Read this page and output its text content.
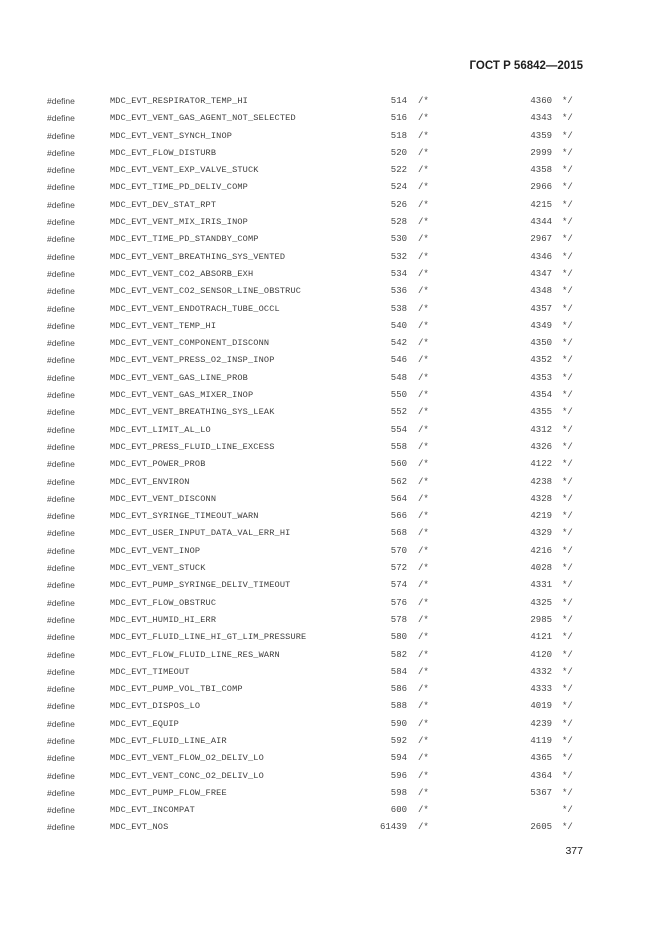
ГОСТ Р 56842—2015
#define	MDC_EVT_RESPIRATOR_TEMP_HI	514 /*	4360 */
#define	MDC_EVT_VENT_GAS_AGENT_NOT_SELECTED	516 /*	4343 */
#define	MDC_EVT_VENT_SYNCH_INOP	518 /*	4359 */
#define	MDC_EVT_FLOW_DISTURB	520 /*	2999 */
#define	MDC_EVT_VENT_EXP_VALVE_STUCK	522 /*	4358 */
#define	MDC_EVT_TIME_PD_DELIV_COMP	524 /*	2966 */
#define	MDC_EVT_DEV_STAT_RPT	526 /*	4215 */
#define	MDC_EVT_VENT_MIX_IRIS_INOP	528 /*	4344 */
#define	MDC_EVT_TIME_PD_STANDBY_COMP	530 /*	2967 */
#define	MDC_EVT_VENT_BREATHING_SYS_VENTED	532 /*	4346 */
#define	MDC_EVT_VENT_CO2_ABSORB_EXH	534 /*	4347 */
#define	MDC_EVT_VENT_CO2_SENSOR_LINE_OBSTRUC	536 /*	4348 */
#define	MDC_EVT_VENT_ENDOTRACH_TUBE_OCCL	538 /*	4357 */
#define	MDC_EVT_VENT_TEMP_HI	540 /*	4349 */
#define	MDC_EVT_VENT_COMPONENT_DISCONN	542 /*	4350 */
#define	MDC_EVT_VENT_PRESS_O2_INSP_INOP	546 /*	4352 */
#define	MDC_EVT_VENT_GAS_LINE_PROB	548 /*	4353 */
#define	MDC_EVT_VENT_GAS_MIXER_INOP	550 /*	4354 */
#define	MDC_EVT_VENT_BREATHING_SYS_LEAK	552 /*	4355 */
#define	MDC_EVT_LIMIT_AL_LO	554 /*	4312 */
#define	MDC_EVT_PRESS_FLUID_LINE_EXCESS	558 /*	4326 */
#define	MDC_EVT_POWER_PROB	560 /*	4122 */
#define	MDC_EVT_ENVIRON	562 /*	4238 */
#define	MDC_EVT_VENT_DISCONN	564 /*	4328 */
#define	MDC_EVT_SYRINGE_TIMEOUT_WARN	566 /*	4219 */
#define	MDC_EVT_USER_INPUT_DATA_VAL_ERR_HI	568 /*	4329 */
#define	MDC_EVT_VENT_INOP	570 /*	4216 */
#define	MDC_EVT_VENT_STUCK	572 /*	4028 */
#define	MDC_EVT_PUMP_SYRINGE_DELIV_TIMEOUT	574 /*	4331 */
#define	MDC_EVT_FLOW_OBSTRUC	576 /*	4325 */
#define	MDC_EVT_HUMID_HI_ERR	578 /*	2985 */
#define	MDC_EVT_FLUID_LINE_HI_GT_LIM_PRESSURE	580 /*	4121 */
#define	MDC_EVT_FLOW_FLUID_LINE_RES_WARN	582 /*	4120 */
#define	MDC_EVT_TIMEOUT	584 /*	4332 */
#define	MDC_EVT_PUMP_VOL_TBI_COMP	586 /*	4333 */
#define	MDC_EVT_DISPOS_LO	588 /*	4019 */
#define	MDC_EVT_EQUIP	590 /*	4239 */
#define	MDC_EVT_FLUID_LINE_AIR	592 /*	4119 */
#define	MDC_EVT_VENT_FLOW_O2_DELIV_LO	594 /*	4365 */
#define	MDC_EVT_VENT_CONC_O2_DELIV_LO	596 /*	4364 */
#define	MDC_EVT_PUMP_FLOW_FREE	598 /*	5367 */
#define	MDC_EVT_INCOMPAT	600 /*	*/
#define	MDC_EVT_NOS	61439 /*	2605 */
377
